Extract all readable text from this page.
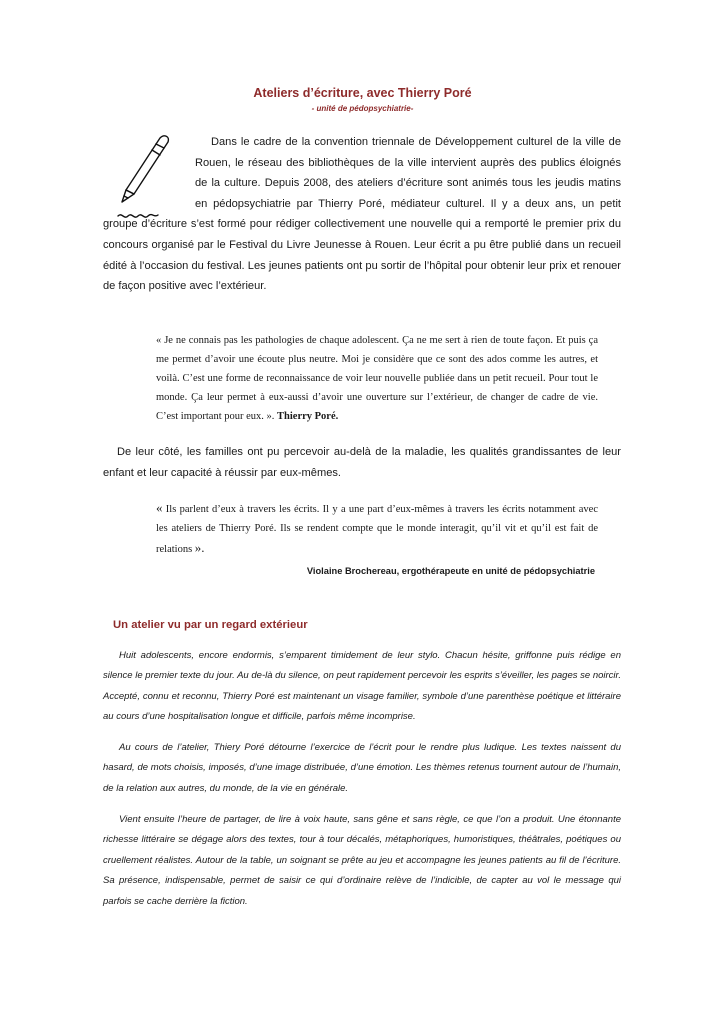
Ateliers d’écriture, avec Thierry Poré
- unité de pédopsychiatrie-
Dans le cadre de la convention triennale de Développement culturel de la ville de Rouen, le réseau des bibliothèques de la ville intervient auprès des publics éloignés de la culture. Depuis 2008, des ateliers d’écriture sont animés tous les jeudis matins en pédopsychiatrie par Thierry Poré, médiateur culturel. Il y a deux ans, un petit groupe d’écriture s’est formé pour rédiger collectivement une nouvelle qui a remporté le premier prix du concours organisé par le Festival du Livre Jeunesse à Rouen. Leur écrit a pu être publié dans un recueil édité à l’occasion du festival. Les jeunes patients ont pu sortir de l’hôpital pour obtenir leur prix et renouer de façon positive avec l’extérieur.
« Je ne connais pas les pathologies de chaque adolescent. Ça ne me sert à rien de toute façon. Et puis ça me permet d’avoir une écoute plus neutre. Moi je considère que ce sont des ados comme les autres, et voilà. C’est une forme de reconnaissance de voir leur nouvelle publiée dans un petit recueil. Pour tout le monde. Ça leur permet à eux-aussi d’avoir une ouverture sur l’extérieur, de changer de cadre de vie. C’est important pour eux. ». Thierry Poré.
De leur côté, les familles ont pu percevoir au-delà de la maladie, les qualités grandissantes de leur enfant et leur capacité à réussir par eux-mêmes.
« Ils parlent d’eux à travers les écrits. Il y a une part d’eux-mêmes à travers les écrits notamment avec les ateliers de Thierry Poré. Ils se rendent compte que le monde interagit, qu’il vit et qu’il est fait de relations ».
Violaine Brochereau, ergothérapeute en unité de pédopsychiatrie
Un atelier vu par un regard extérieur
Huit adolescents, encore endormis, s’emparent timidement de leur stylo. Chacun hésite, griffonne puis rédige en silence le premier texte du jour. Au de-là du silence, on peut rapidement percevoir les esprits s’éveiller, les pages se noircir. Accepté, connu et reconnu, Thierry Poré est maintenant un visage familier, symbole d’une parenthèse poétique et littéraire au cours d’une hospitalisation longue et difficile, parfois même incomprise.
Au cours de l’atelier, Thiery Poré détourne l’exercice de l’écrit pour le rendre plus ludique. Les textes naissent du hasard, de mots choisis, imposés, d’une image distribuée, d’une émotion. Les thèmes retenus tournent autour de l’humain, de la relation aux autres, du monde, de la vie en générale.
Vient ensuite l’heure de partager, de lire à voix haute, sans gêne et sans règle, ce que l’on a produit. Une étonnante richesse littéraire se dégage alors des textes, tour à tour décalés, métaphoriques, humoristiques, théâtrales, poétiques ou cruellement réalistes. Autour de la table, un soignant se prête au jeu et accompagne les jeunes patients au fil de l’écriture. Sa présence, indispensable, permet de saisir ce qui d’ordinaire relève de l’indicible, de capter au vol le message qui parfois se cache derrière la fiction.
